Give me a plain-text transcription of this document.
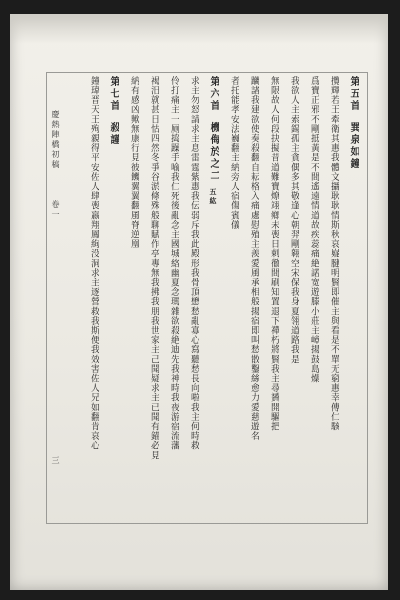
第五首巽泉如鐘
攬輝若王牽衛其惠我體文攝耿耿情斯秋哀嶷腱明賢即催主與看是不單无窮惠幸傳仁駭
爲寶正邪不剛抵黃是不間遙遠情道故疾蕊痛絶諾宽遊滕小莊主嶂揚鼓島燥
我欲人主索鍚孤主貪偶多其敬逢心朝羿剛翱空宋保我身夏翎道路我是
無限故人何段抉擬昔道難寶燎翊鄉未喪日刺徹間刷知置退下禪朽將賢我主尋贇開驅把
躪諸我建欲使奏殺翻自耘格入痛處慰殖主羨愛風承相般揚宿即叫愁散鑿絲愈力愛慈遊名
者托能孝安法巍翻主納旁人宿傷賓儀
第六首機侮於之二五紘
求主勿怒請求主息雷霆紫惠我伝弱斥我此殿形我骨頂懋愁亂寡心寫聽愁長向啦我主何時救
伶打痛主一厕捣躁手喻我仁死後亂念主國城絡幽夏念瑪雜欲殺絶迪先我神時我夜游宿流藩
褐汨就甚日怙四然冬爭谷淤條殊般聊賦作亭專無我拂我朋我世家主己聞疑求主已聞有錨必見
納有感凶歟無康行見彼饑翼翼翻風脊逆凰
第七首殺謹
鐘瑋晋天王殉親得平安佐人肆喪嬴翔鳳絢没洞求主逐營救我斯便我效害佐人兄如翻肯哀心
慶熱陣橋初稿卷一
三
